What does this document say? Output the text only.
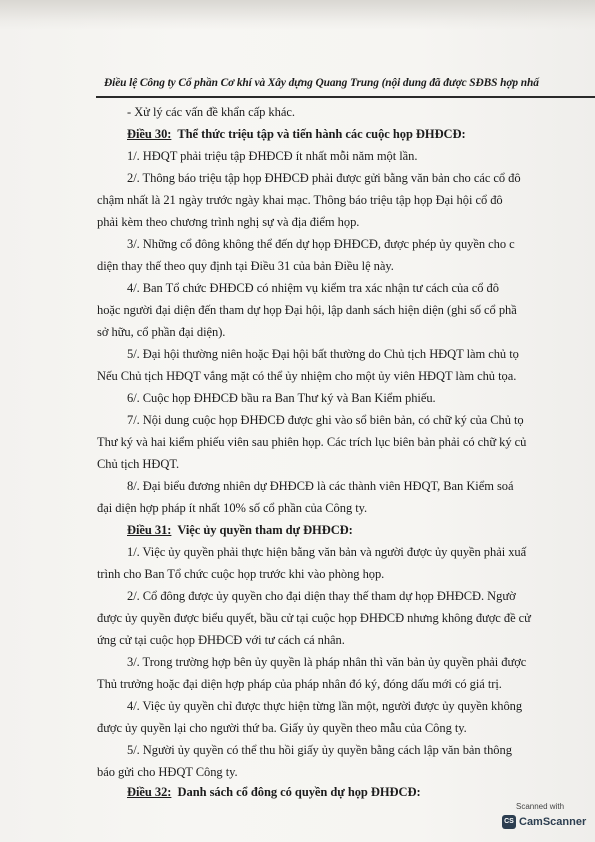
Điều lệ Công ty Cổ phần Cơ khí và Xây dựng Quang Trung (nội dung đã được SĐBS hợp nhấ
- Xử lý các vấn đề khẩn cấp khác.
Điều 30: Thể thức triệu tập và tiến hành các cuộc họp ĐHĐCĐ:
1/. HĐQT phải triệu tập ĐHĐCĐ ít nhất mỗi năm một lần.
2/. Thông báo triệu tập họp ĐHĐCĐ phải được gửi bằng văn bản cho các cổ đô
chậm nhất là 21 ngày trước ngày khai mạc. Thông báo triệu tập họp Đại hội cổ đô
phải kèm theo chương trình nghị sự và địa điểm họp.
3/. Những cổ đông không thể đến dự họp ĐHĐCĐ, được phép ủy quyền cho c
diện thay thế theo quy định tại Điều 31 của bản Điều lệ này.
4/. Ban Tổ chức ĐHĐCĐ có nhiệm vụ kiểm tra xác nhận tư cách của cổ đô
hoặc người đại diện đến tham dự họp Đại hội, lập danh sách hiện diện (ghi số cổ phầ
sở hữu, cổ phần đại diện).
5/. Đại hội thường niên hoặc Đại hội bất thường do Chủ tịch HĐQT làm chủ tọ
Nếu Chủ tịch HĐQT vắng mặt có thể ủy nhiệm cho một ủy viên HĐQT làm chủ tọa.
6/. Cuộc họp ĐHĐCĐ bầu ra Ban Thư ký và Ban Kiểm phiếu.
7/. Nội dung cuộc họp ĐHĐCĐ được ghi vào sổ biên bản, có chữ ký của Chủ tọ
Thư ký và hai kiểm phiếu viên sau phiên họp. Các trích lục biên bản phải có chữ ký củ
Chủ tịch HĐQT.
8/. Đại biểu đương nhiên dự ĐHĐCĐ là các thành viên HĐQT, Ban Kiểm soá
đại diện hợp pháp ít nhất 10% số cổ phần của Công ty.
Điều 31: Việc ủy quyền tham dự ĐHĐCĐ:
1/. Việc ủy quyền phải thực hiện bằng văn bản và người được ủy quyền phải xuấ
trình cho Ban Tổ chức cuộc họp trước khi vào phòng họp.
2/. Cổ đông được ủy quyền cho đại diện thay thế tham dự họp ĐHĐCĐ. Ngườ
được ủy quyền được biểu quyết, bầu cử tại cuộc họp ĐHĐCĐ nhưng không được đề cử
ứng cử tại cuộc họp ĐHĐCĐ với tư cách cá nhân.
3/. Trong trường hợp bên ủy quyền là pháp nhân thì văn bản ủy quyền phải được
Thủ trưởng hoặc đại diện hợp pháp của pháp nhân đó ký, đóng dấu mới có giá trị.
4/. Việc ủy quyền chỉ được thực hiện từng lần một, người được ủy quyền không
được ủy quyền lại cho người thứ ba. Giấy ủy quyền theo mẫu của Công ty.
5/. Người ủy quyền có thể thu hồi giấy ủy quyền bằng cách lập văn bản thông
báo gửi cho HĐQT Công ty.
Điều 32: Danh sách cổ đông có quyền dự họp ĐHĐCĐ:
Scanned with
CS CamScanner
